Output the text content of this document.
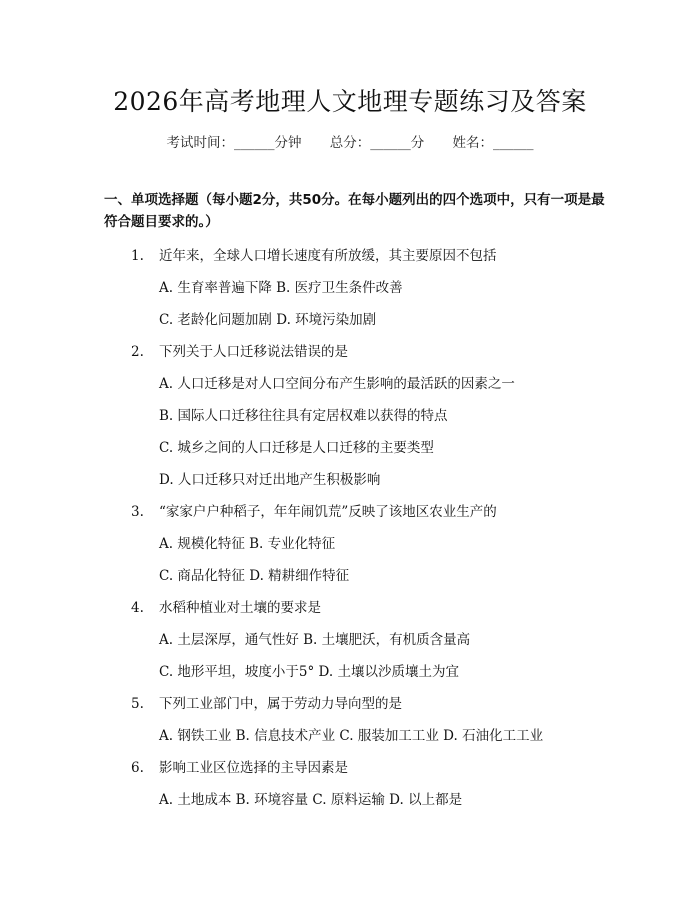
2026年高考地理人文地理专题练习及答案
考试时间：______分钟 总分：______分 姓名：______
一、单项选择题（每小题2分，共50分。在每小题列出的四个选项中，只有一项是最符合题目要求的。）
1. 近年来，全球人口增长速度有所放缓，其主要原因不包括
A. 生育率普遍下降 B. 医疗卫生条件改善
C. 老龄化问题加剧 D. 环境污染加剧
2. 下列关于人口迁移说法错误的是
A. 人口迁移是对人口空间分布产生影响的最活跃的因素之一
B. 国际人口迁移往往具有定居权难以获得的特点
C. 城乡之间的人口迁移是人口迁移的主要类型
D. 人口迁移只对迁出地产生积极影响
3. “家家户户种稻子，年年闹饥荒”反映了该地区农业生产的
A. 规模化特征 B. 专业化特征
C. 商品化特征 D. 精耕细作特征
4. 水稻种植业对土壤的要求是
A. 土层深厚，通气性好 B. 土壤肥沃，有机质含量高
C. 地形平坦，坡度小于5° D. 土壤以沙质壤土为宜
5. 下列工业部门中，属于劳动力导向型的是
A. 钢铁工业 B. 信息技术产业 C. 服装加工工业 D. 石油化工工业
6. 影响工业区位选择的主导因素是
A. 土地成本 B. 环境容量 C. 原料运输 D. 以上都是
